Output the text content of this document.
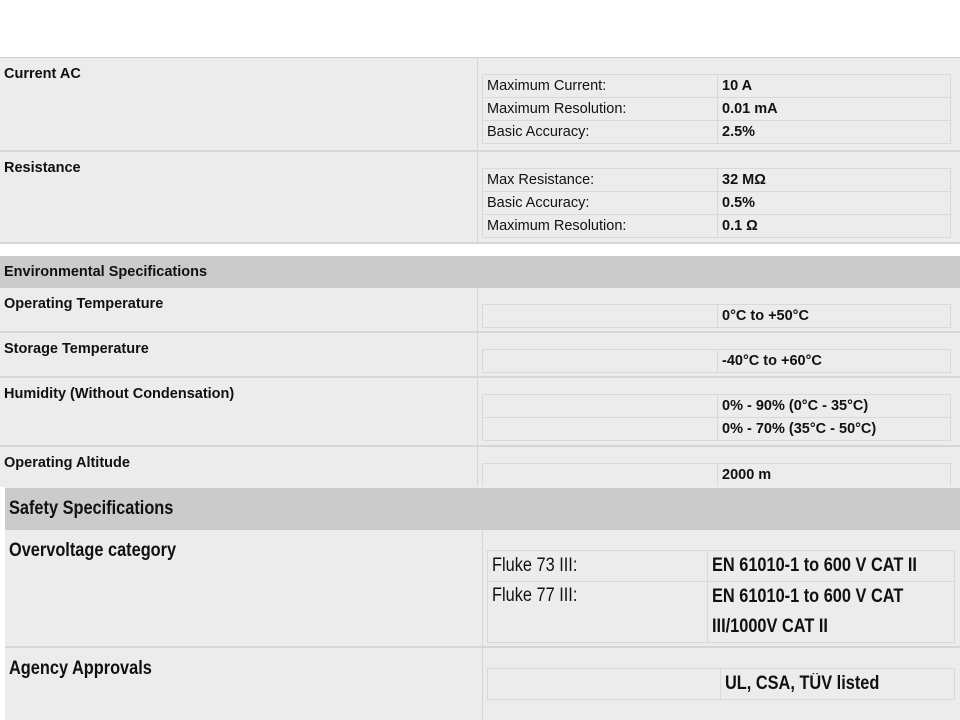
Current AC
Maximum Current:	10 A
Maximum Resolution:	0.01 mA
Basic Accuracy:	2.5%
Resistance
Max Resistance:	32 MΩ
Basic Accuracy:	0.5%
Maximum Resolution:	0.1 Ω
Environmental Specifications
Operating Temperature
	0°C to +50°C
Storage Temperature
	-40°C to +60°C
Humidity (Without Condensation)
	0% - 90% (0°C - 35°C)
	0% - 70% (35°C - 50°C)
Operating Altitude
	2000 m
Safety Specifications
Overvoltage category
Fluke 73 III:	EN 61010-1 to 600 V CAT II
Fluke 77 III:	EN 61010-1 to 600 V CAT
III/1000V CAT II
Agency Approvals
	UL, CSA, TÜV listed
